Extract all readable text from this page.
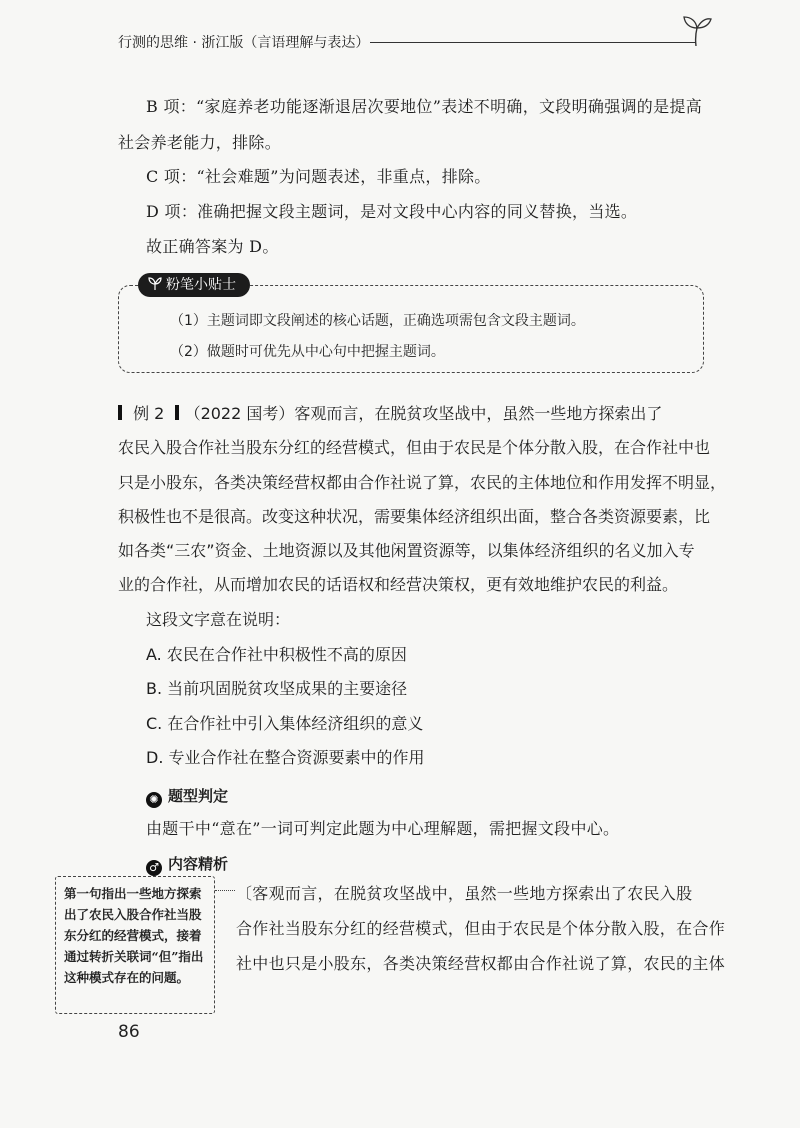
行测的思维 · 浙江版（言语理解与表达）
B 项：“家庭养老功能逐渐退居次要地位”表述不明确，文段明确强调的是提高
社会养老能力，排除。
C 项：“社会难题”为问题表述，非重点，排除。
D 项：准确把握文段主题词，是对文段中心内容的同义替换，当选。
故正确答案为 D。
粉笔小贴士
（1）主题词即文段阐述的核心话题，正确选项需包含文段主题词。
（2）做题时可优先从中心句中把握主题词。
例 2 （2022 国考）客观而言，在脱贫攻坚战中，虽然一些地方探索出了
农民入股合作社当股东分红的经营模式，但由于农民是个体分散入股，在合作社中也
只是小股东，各类决策经营权都由合作社说了算，农民的主体地位和作用发挥不明显，
积极性也不是很高。改变这种状况，需要集体经济组织出面，整合各类资源要素，比
如各类“三农”资金、土地资源以及其他闲置资源等，以集体经济组织的名义加入专
业的合作社，从而增加农民的话语权和经营决策权，更有效地维护农民的利益。
这段文字意在说明：
A. 农民在合作社中积极性不高的原因
B. 当前巩固脱贫攻坚成果的主要途径
C. 在合作社中引入集体经济组织的意义
D. 专业合作社在整合资源要素中的作用
✺ 题型判定
由题干中“意在”一词可判定此题为中心理解题，需把握文段中心。
♂ 内容精析
〔客观而言，在脱贫攻坚战中，虽然一些地方探索出了农民入股
合作社当股东分红的经营模式，但由于农民是个体分散入股，在合作
社中也只是小股东，各类决策经营权都由合作社说了算，农民的主体
第一句指出一些地方探索出了农民入股合作社当股东分红的经营模式，接着通过转折关联词“但”指出这种模式存在的问题。
86
